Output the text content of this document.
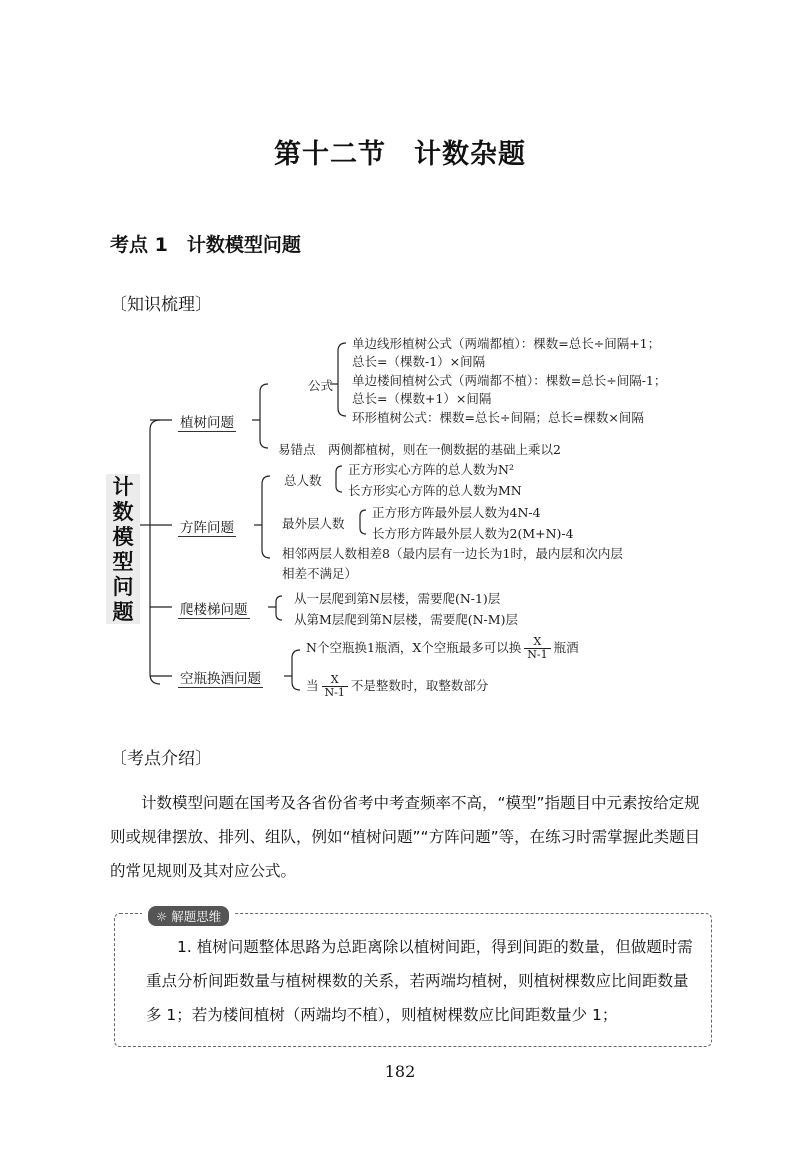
第十二节　计数杂题
考点 1　计数模型问题
〔知识梳理〕
计
数
模
型
问
题
植树问题
公式
单边线形植树公式（两端都植）：棵数=总长÷间隔+1；
总长=（棵数-1）×间隔
单边楼间植树公式（两端都不植）：棵数=总长÷间隔-1；
总长=（棵数+1）×间隔
环形植树公式：棵数=总长÷间隔；总长=棵数×间隔
易错点　两侧都植树，则在一侧数据的基础上乘以2
方阵问题
总人数
正方形实心方阵的总人数为N²
长方形实心方阵的总人数为MN
最外层人数
正方形方阵最外层人数为4N-4
长方形方阵最外层人数为2(M+N)-4
相邻两层人数相差8（最内层有一边长为1时，最内层和次内层
相差不满足）
爬楼梯问题
从一层爬到第N层楼，需要爬(N-1)层
从第M层爬到第N层楼，需要爬(N-M)层
空瓶换酒问题
N个空瓶换1瓶酒，X个空瓶最多可以换 $\frac{X}{N-1}$ 瓶酒
当 $\frac{X}{N-1}$ 不是整数时，取整数部分
〔考点介绍〕
计数模型问题在国考及各省份省考中考查频率不高，“模型”指题目中元素按给定规则或规律摆放、排列、组队，例如“植树问题”“方阵问题”等，在练习时需掌握此类题目的常见规则及其对应公式。
☼ 解题思维
1. 植树问题整体思路为总距离除以植树间距，得到间距的数量，但做题时需重点分析间距数量与植树棵数的关系，若两端均植树，则植树棵数应比间距数量多 1；若为楼间植树（两端均不植），则植树棵数应比间距数量少 1；
182
